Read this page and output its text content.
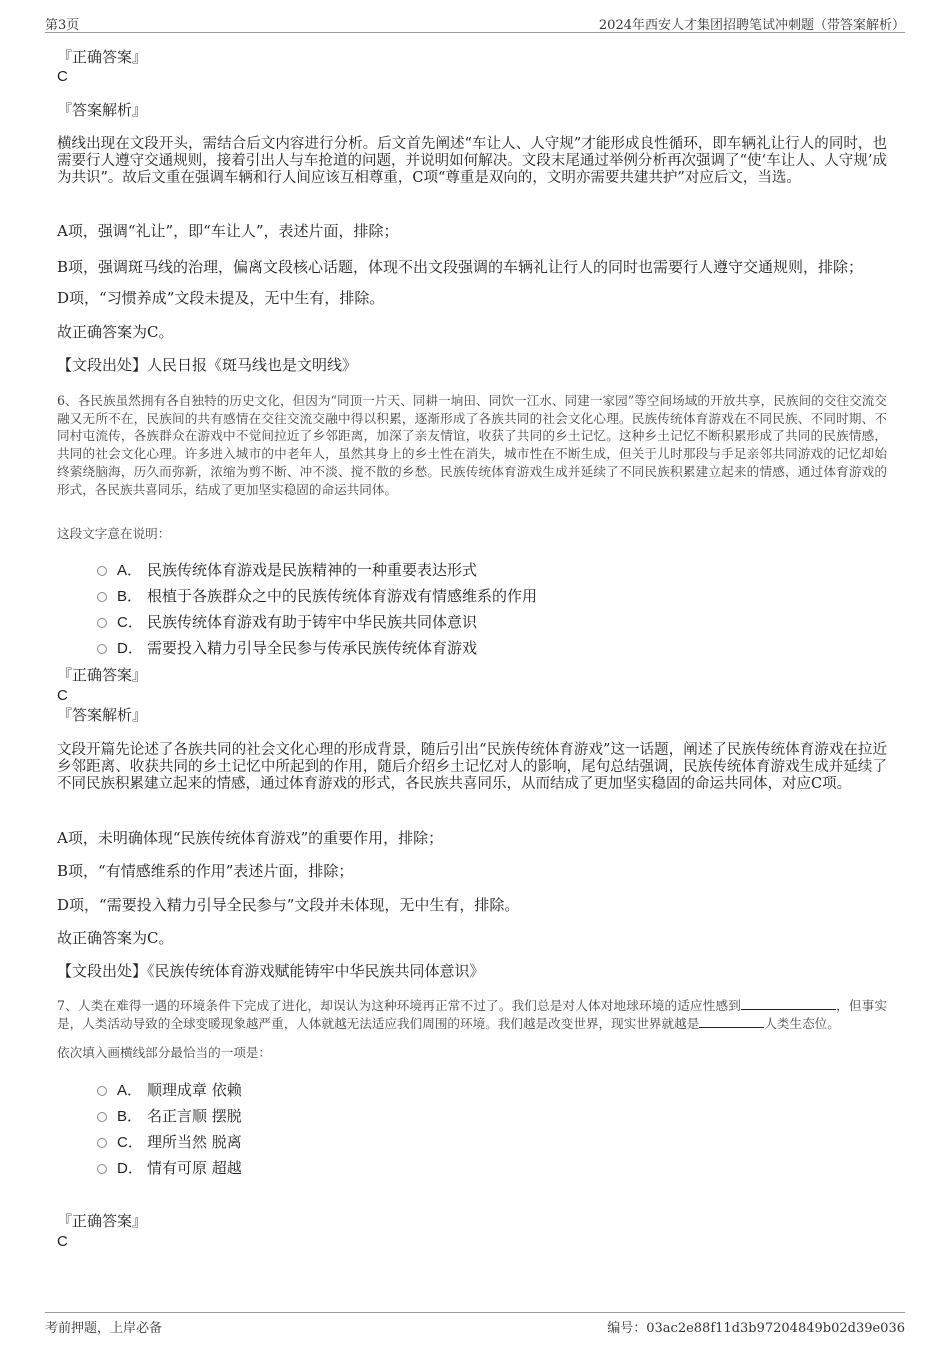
第3页	2024年西安人才集团招聘笔试冲刺题（带答案解析）
『正确答案』
C
『答案解析』
横线出现在文段开头，需结合后文内容进行分析。后文首先阐述“车让人、人守规”才能形成良性循环，即车辆礼让行人的同时，也需要行人遵守交通规则，接着引出人与车抢道的问题，并说明如何解决。文段末尾通过举例分析再次强调了“使‘车让人、人守规’成为共识”。故后文重在强调车辆和行人间应该互相尊重，C项“尊重是双向的，文明亦需要共建共护”对应后文，当选。
A项，强调“礼让”，即“车让人”，表述片面，排除；
B项，强调斑马线的治理，偏离文段核心话题，体现不出文段强调的车辆礼让行人的同时也需要行人遵守交通规则，排除；
D项，“习惯养成”文段未提及，无中生有，排除。
故正确答案为C。
【文段出处】人民日报《斑马线也是文明线》
6、各民族虽然拥有各自独特的历史文化，但因为“同顶一片天、同耕一垧田、同饮一江水、同建一家园”等空间场域的开放共享，民族间的交往交流交融又无所不在，民族间的共有感情在交往交流交融中得以积累，逐渐形成了各族共同的社会文化心理。民族传统体育游戏在不同民族、不同时期、不同村屯流传，各族群众在游戏中不觉间拉近了乡邻距离，加深了亲友情谊，收获了共同的乡土记忆。这种乡土记忆不断积累形成了共同的民族情感，共同的社会文化心理。许多进入城市的中老年人，虽然其身上的乡土性在消失，城市性在不断生成，但关于儿时那段与手足亲邻共同游戏的记忆却始终萦绕脑海，历久而弥新，浓缩为剪不断、冲不淡、搅不散的乡愁。民族传统体育游戏生成并延续了不同民族积累建立起来的情感，通过体育游戏的形式，各民族共喜同乐，结成了更加坚实稳固的命运共同体。
这段文字意在说明：
A． 民族传统体育游戏是民族精神的一种重要表达形式
B． 根植于各族群众之中的民族传统体育游戏有情感维系的作用
C． 民族传统体育游戏有助于铸牢中华民族共同体意识
D． 需要投入精力引导全民参与传承民族传统体育游戏
『正确答案』
C
『答案解析』
文段开篇先论述了各族共同的社会文化心理的形成背景，随后引出“民族传统体育游戏”这一话题，阐述了民族传统体育游戏在拉近乡邻距离、收获共同的乡土记忆中所起到的作用，随后介绍乡土记忆对人的影响，尾句总结强调，民族传统体育游戏生成并延续了不同民族积累建立起来的情感，通过体育游戏的形式，各民族共喜同乐，从而结成了更加坚实稳固的命运共同体，对应C项。
A项，未明确体现“民族传统体育游戏”的重要作用，排除；
B项，“有情感维系的作用”表述片面，排除；
D项，“需要投入精力引导全民参与”文段并未体现，无中生有，排除。
故正确答案为C。
【文段出处】《民族传统体育游戏赋能铸牢中华民族共同体意识》
7、人类在难得一遇的环境条件下完成了进化，却误认为这种环境再正常不过了。我们总是对人体对地球环境的适应性感到	，但事实是，人类活动导致的全球变暖现象越严重，人体就越无法适应我们周围的环境。我们越是改变世界，现实世界就越是	人类生态位。
依次填入画横线部分最恰当的一项是：
A． 顺理成章 依赖
B． 名正言顺 摆脱
C． 理所当然 脱离
D． 情有可原 超越
『正确答案』
C
考前押题，上岸必备	编号：03ac2e88f11d3b97204849b02d39e036
